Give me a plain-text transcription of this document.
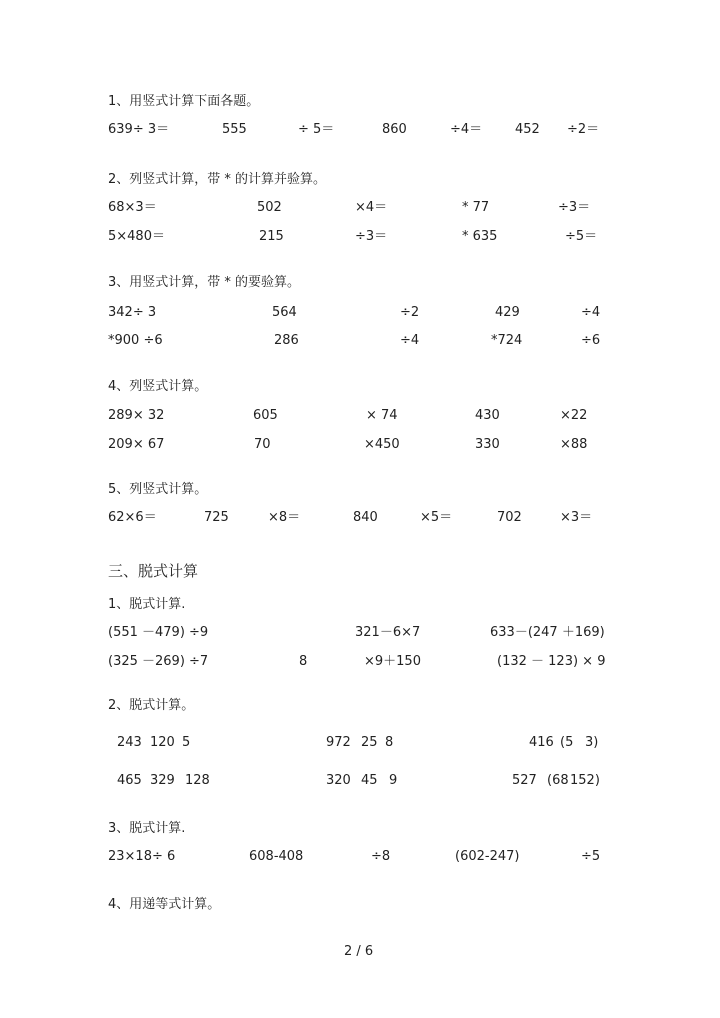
1、用竖式计算下面各题。
639÷ 3＝	555	÷ 5＝	860	÷4＝	452 ÷2＝
2、列竖式计算，带 * 的计算并验算。
68×3＝	502	×4＝	* 77	÷3＝
5×480＝	215	÷3＝	* 635	÷5＝
3、用竖式计算，带 * 的要验算。
342÷ 3	564	÷2	429	÷4
*900 ÷6	286	÷4	*724	÷6
4、列竖式计算。
289× 32	605	× 74	430	×22
209× 67	70	×450	330	×88
5、列竖式计算。
62×6＝	725	×8＝	840	×5＝	702	×3＝
三、脱式计算
1、脱式计算.
(551 －479) ÷9	321－6×7	633－(247 ＋169)
(325 －269) ÷7	8	×9＋150	(132 － 123) × 9
2、脱式计算。
243 120 5	972 25 8	416 (5 3)
465 329 128	320 45 9	527 (68 152)
3、脱式计算.
23×18÷ 6	608-408	÷8	(602-247)	÷5
4、用递等式计算。
2 / 6
